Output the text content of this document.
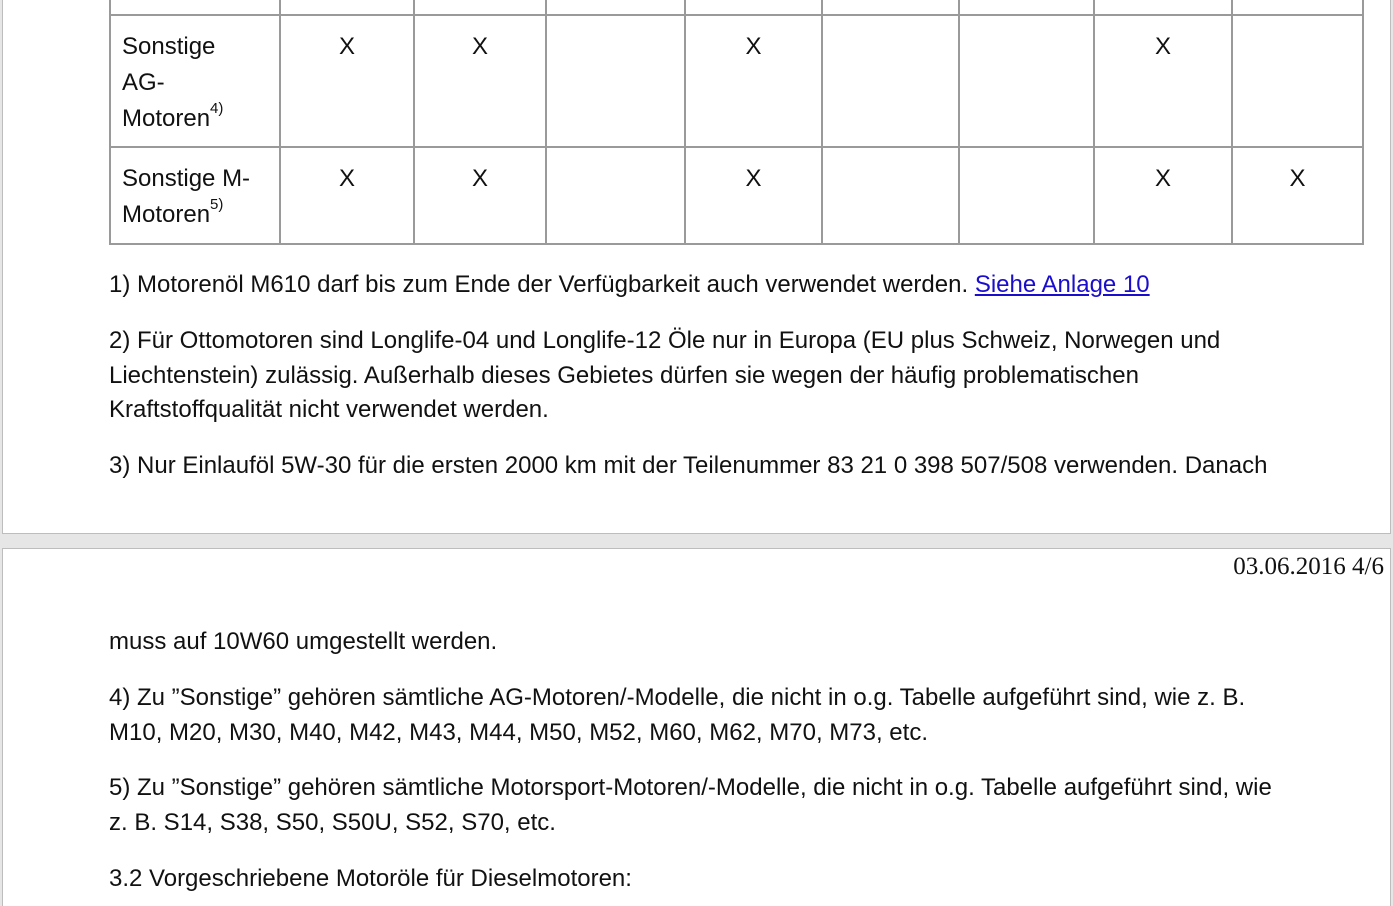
Sonstige
AG-
Motoren$^{4)}$	X	X		X			X	
Sonstige M-
Motoren$^{5)}$	X	X		X			X	X

1) Motorenöl M610 darf bis zum Ende der Verfügbarkeit auch verwendet werden. Siehe Anlage 10

2) Für Ottomotoren sind Longlife-04 und Longlife-12 Öle nur in Europa (EU plus Schweiz, Norwegen und
Liechtenstein) zulässig. Außerhalb dieses Gebietes dürfen sie wegen der häufig problematischen
Kraftstoffqualität nicht verwendet werden.

3) Nur Einlauföl 5W-30 für die ersten 2000 km mit der Teilenummer 83 21 0 398 507/508 verwenden. Danach

03.06.2016 4/6

muss auf 10W60 umgestellt werden.

4) Zu ”Sonstige” gehören sämtliche AG-Motoren/-Modelle, die nicht in o.g. Tabelle aufgeführt sind, wie z. B.
M10, M20, M30, M40, M42, M43, M44, M50, M52, M60, M62, M70, M73, etc.

5) Zu ”Sonstige” gehören sämtliche Motorsport-Motoren/-Modelle, die nicht in o.g. Tabelle aufgeführt sind, wie
z. B. S14, S38, S50, S50U, S52, S70, etc.

3.2 Vorgeschriebene Motoröle für Dieselmotoren:
